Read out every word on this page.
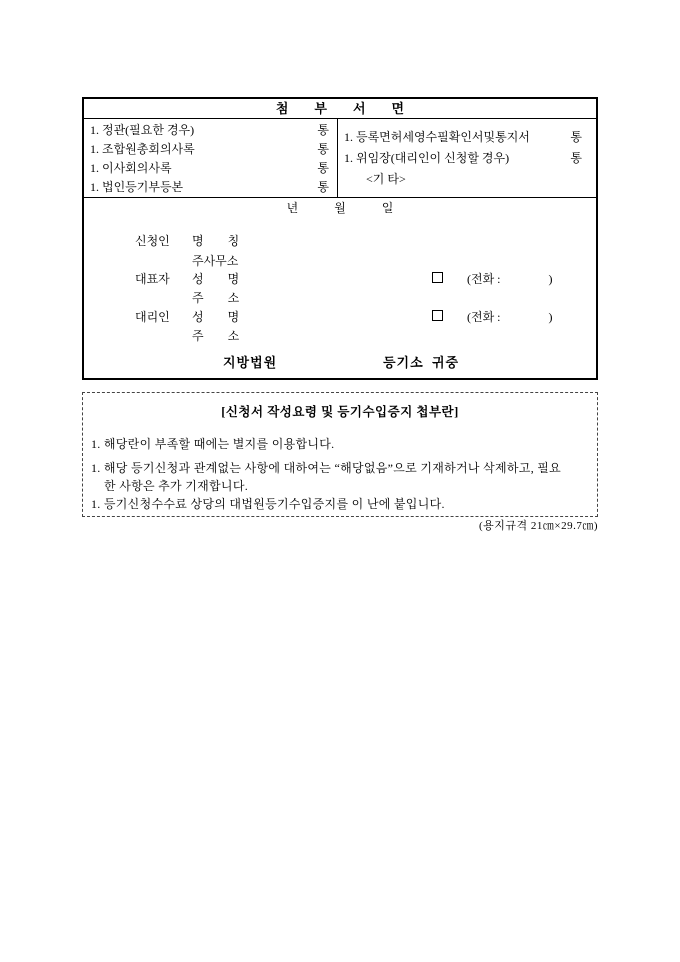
첨　　부　　서　　면
1. 정관(필요한 경우)	통
1. 조합원총회의사록	통
1. 이사회의사록	통
1. 법인등기부등본	통
1. 등록면허세영수필확인서및통지서	통
1. 위임장(대리인이 신청할 경우)	통
<기 타>
년　　　월　　　일
신청인 명　　칭
주사무소
대표자 성　　명	(전화 :                )
주　　소
대리인 성　　명	(전화 :                )
주　　소
지방법원	등기소 귀중
[신청서 작성요령 및 등기수입증지 첩부란]
1. 해당란이 부족할 때에는 별지를 이용합니다.
1. 해당 등기신청과 관계없는 사항에 대하여는 “해당없음”으로 기재하거나 삭제하고, 필요
한 사항은 추가 기재합니다.
1. 등기신청수수료 상당의 대법원등기수입증지를 이 난에 붙입니다.
(용지규격 21㎝×29.7㎝)
